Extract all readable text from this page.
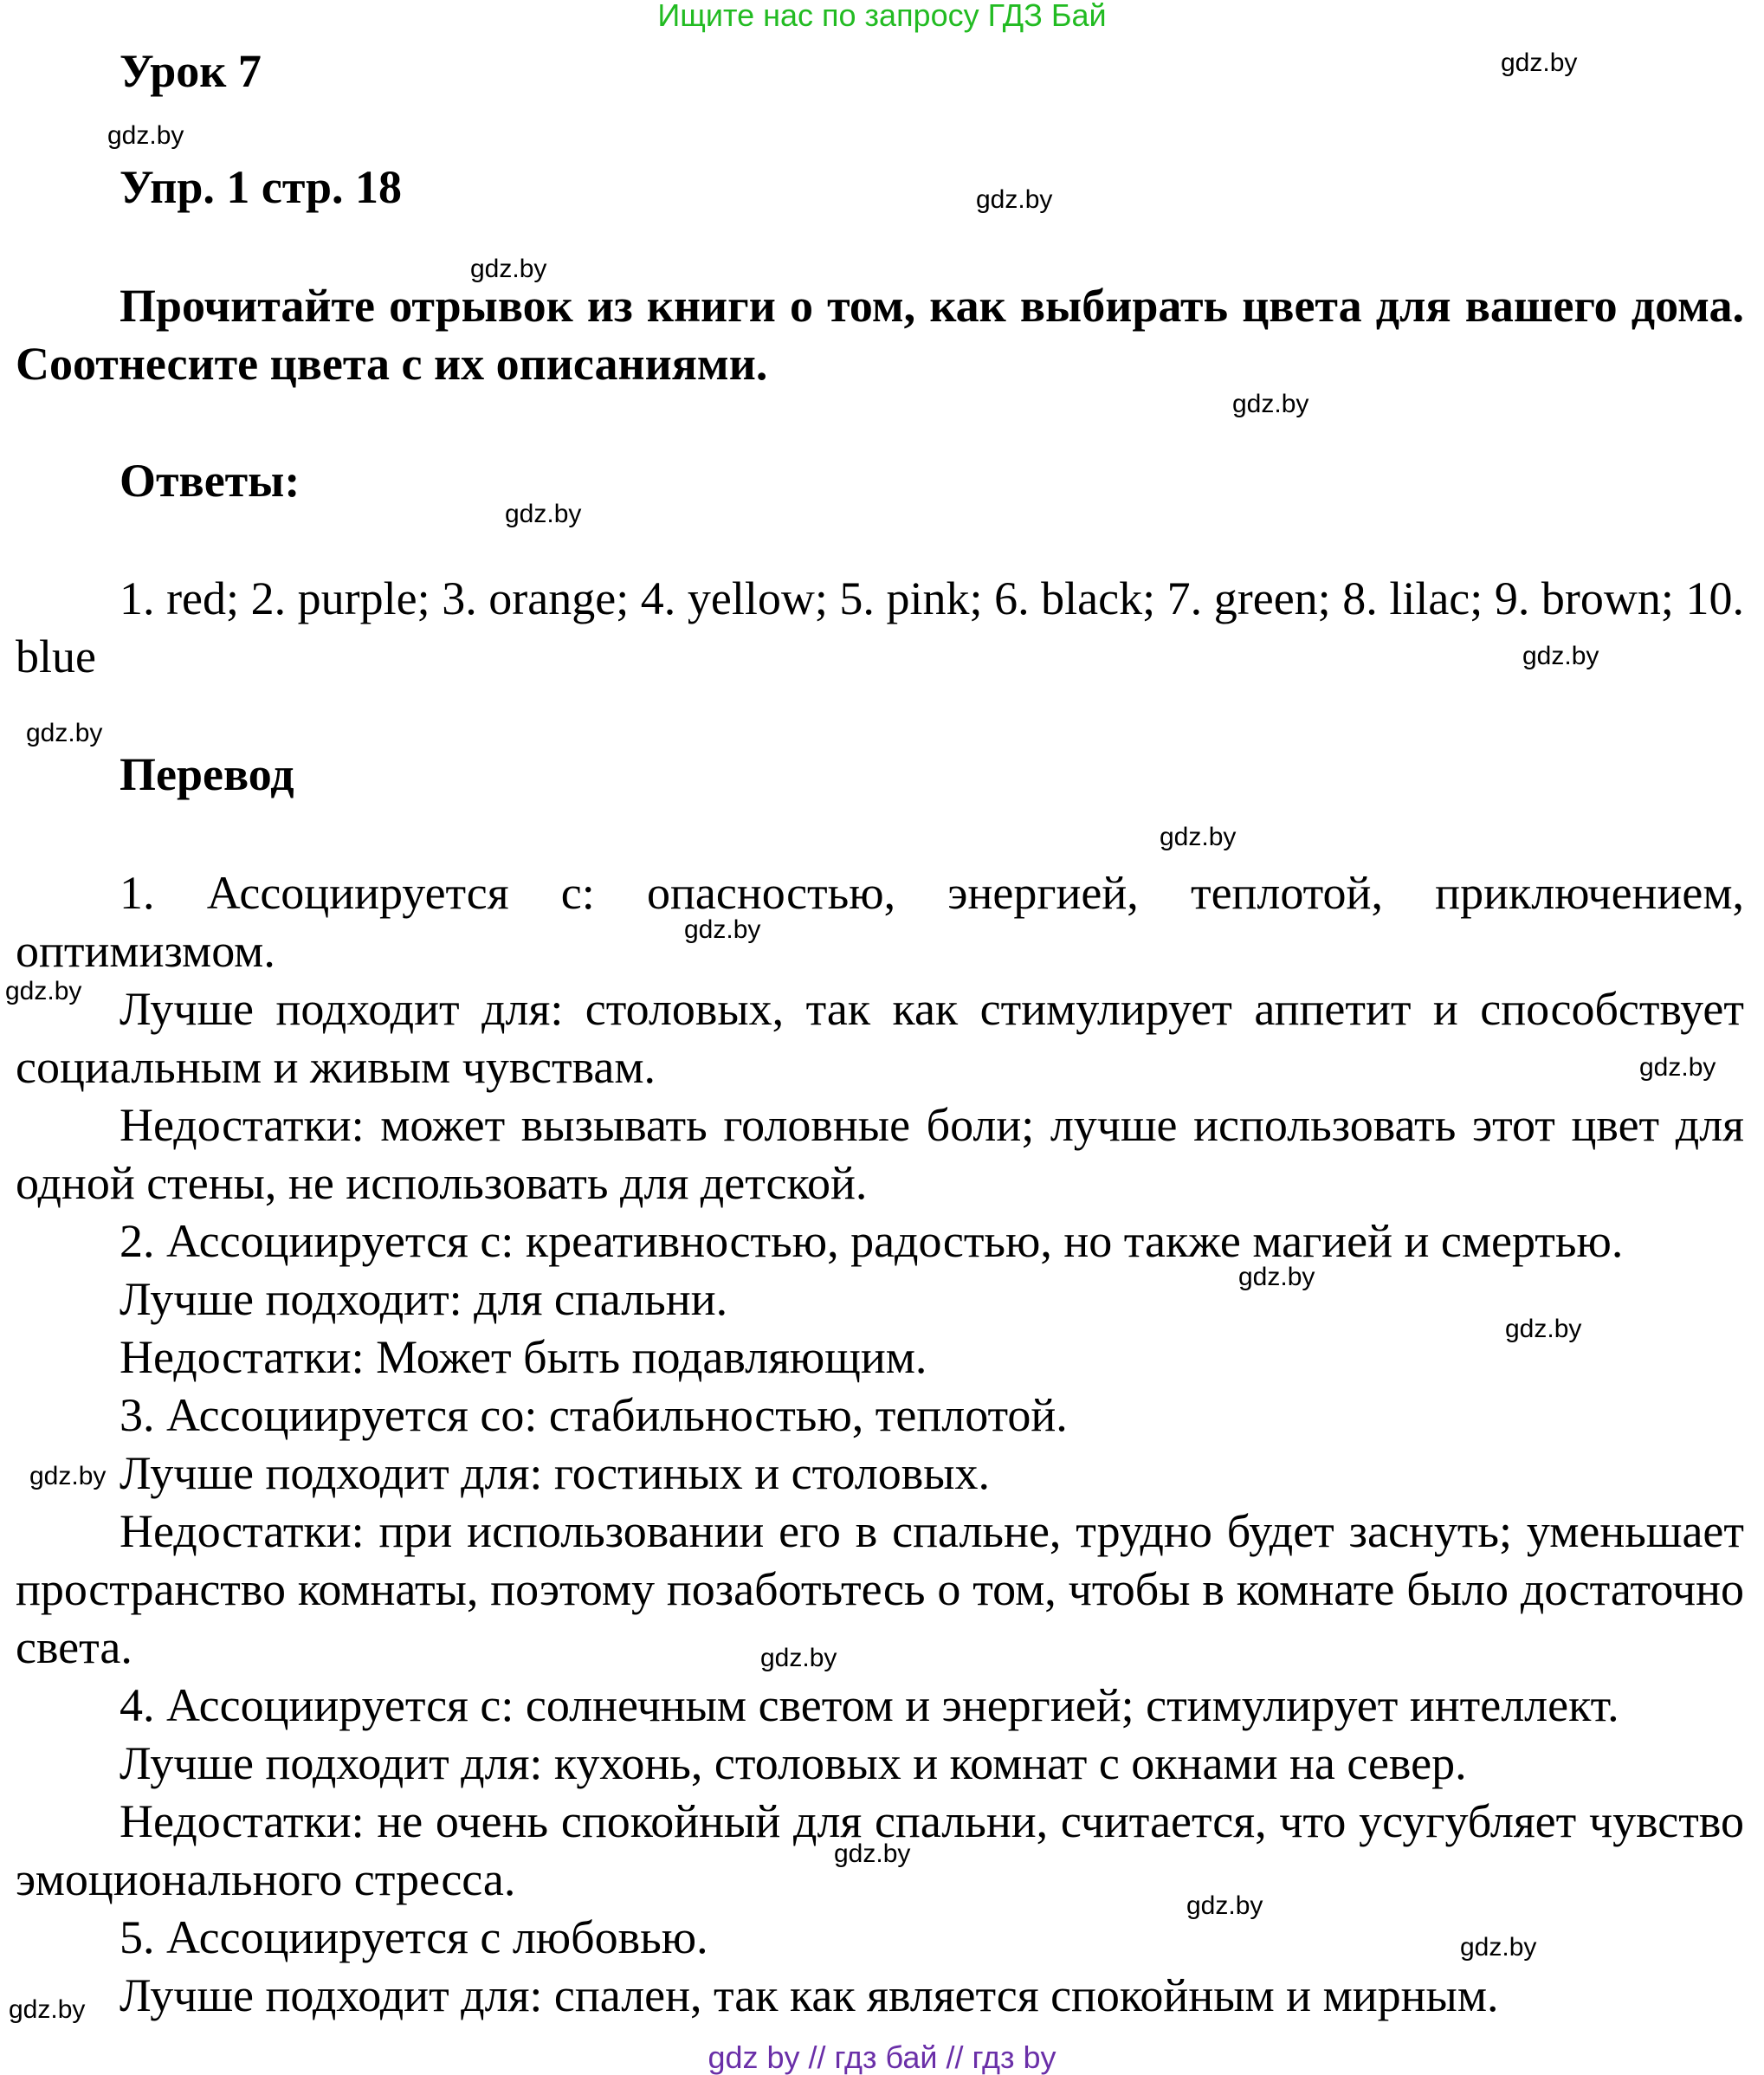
Ищите нас по запросу ГДЗ Бай
Урок 7
Упр. 1 стр. 18
Прочитайте отрывок из книги о том, как выбирать цвета для вашего дома. Соотнесите цвета с их описаниями.
Ответы:
1. red; 2. purple; 3. orange; 4. yellow; 5. pink; 6. black; 7. green; 8. lilac; 9. brown; 10. blue
Перевод
1. Ассоциируется с: опасностью, энергией, теплотой, приключением, оптимизмом.
Лучше подходит для: столовых, так как стимулирует аппетит и способствует социальным и живым чувствам.
Недостатки: может вызывать головные боли; лучше использовать этот цвет для одной стены, не использовать для детской.
2. Ассоциируется с: креативностью, радостью, но также магией и смертью.
Лучше подходит: для спальни.
Недостатки: Может быть подавляющим.
3. Ассоциируется со: стабильностью, теплотой.
Лучше подходит для: гостиных и столовых.
Недостатки: при использовании его в спальне, трудно будет заснуть; уменьшает пространство комнаты, поэтому позаботьтесь о том, чтобы в комнате было достаточно света.
4. Ассоциируется с: солнечным светом и энергией; стимулирует интеллект.
Лучше подходит для: кухонь, столовых и комнат с окнами на север.
Недостатки: не очень спокойный для спальни, считается, что усугубляет чувство эмоционального стресса.
5. Ассоциируется с любовью.
Лучше подходит для: спален, так как является спокойным и мирным.
gdz.by
gdz.by
gdz.by
gdz.by
gdz.by
gdz.by
gdz.by
gdz.by
gdz.by
gdz.by
gdz.by
gdz.by
gdz.by
gdz.by
gdz.by
gdz.by
gdz.by
gdz.by
gdz.by
gdz.by
gdz by // гдз бай // гдз by
